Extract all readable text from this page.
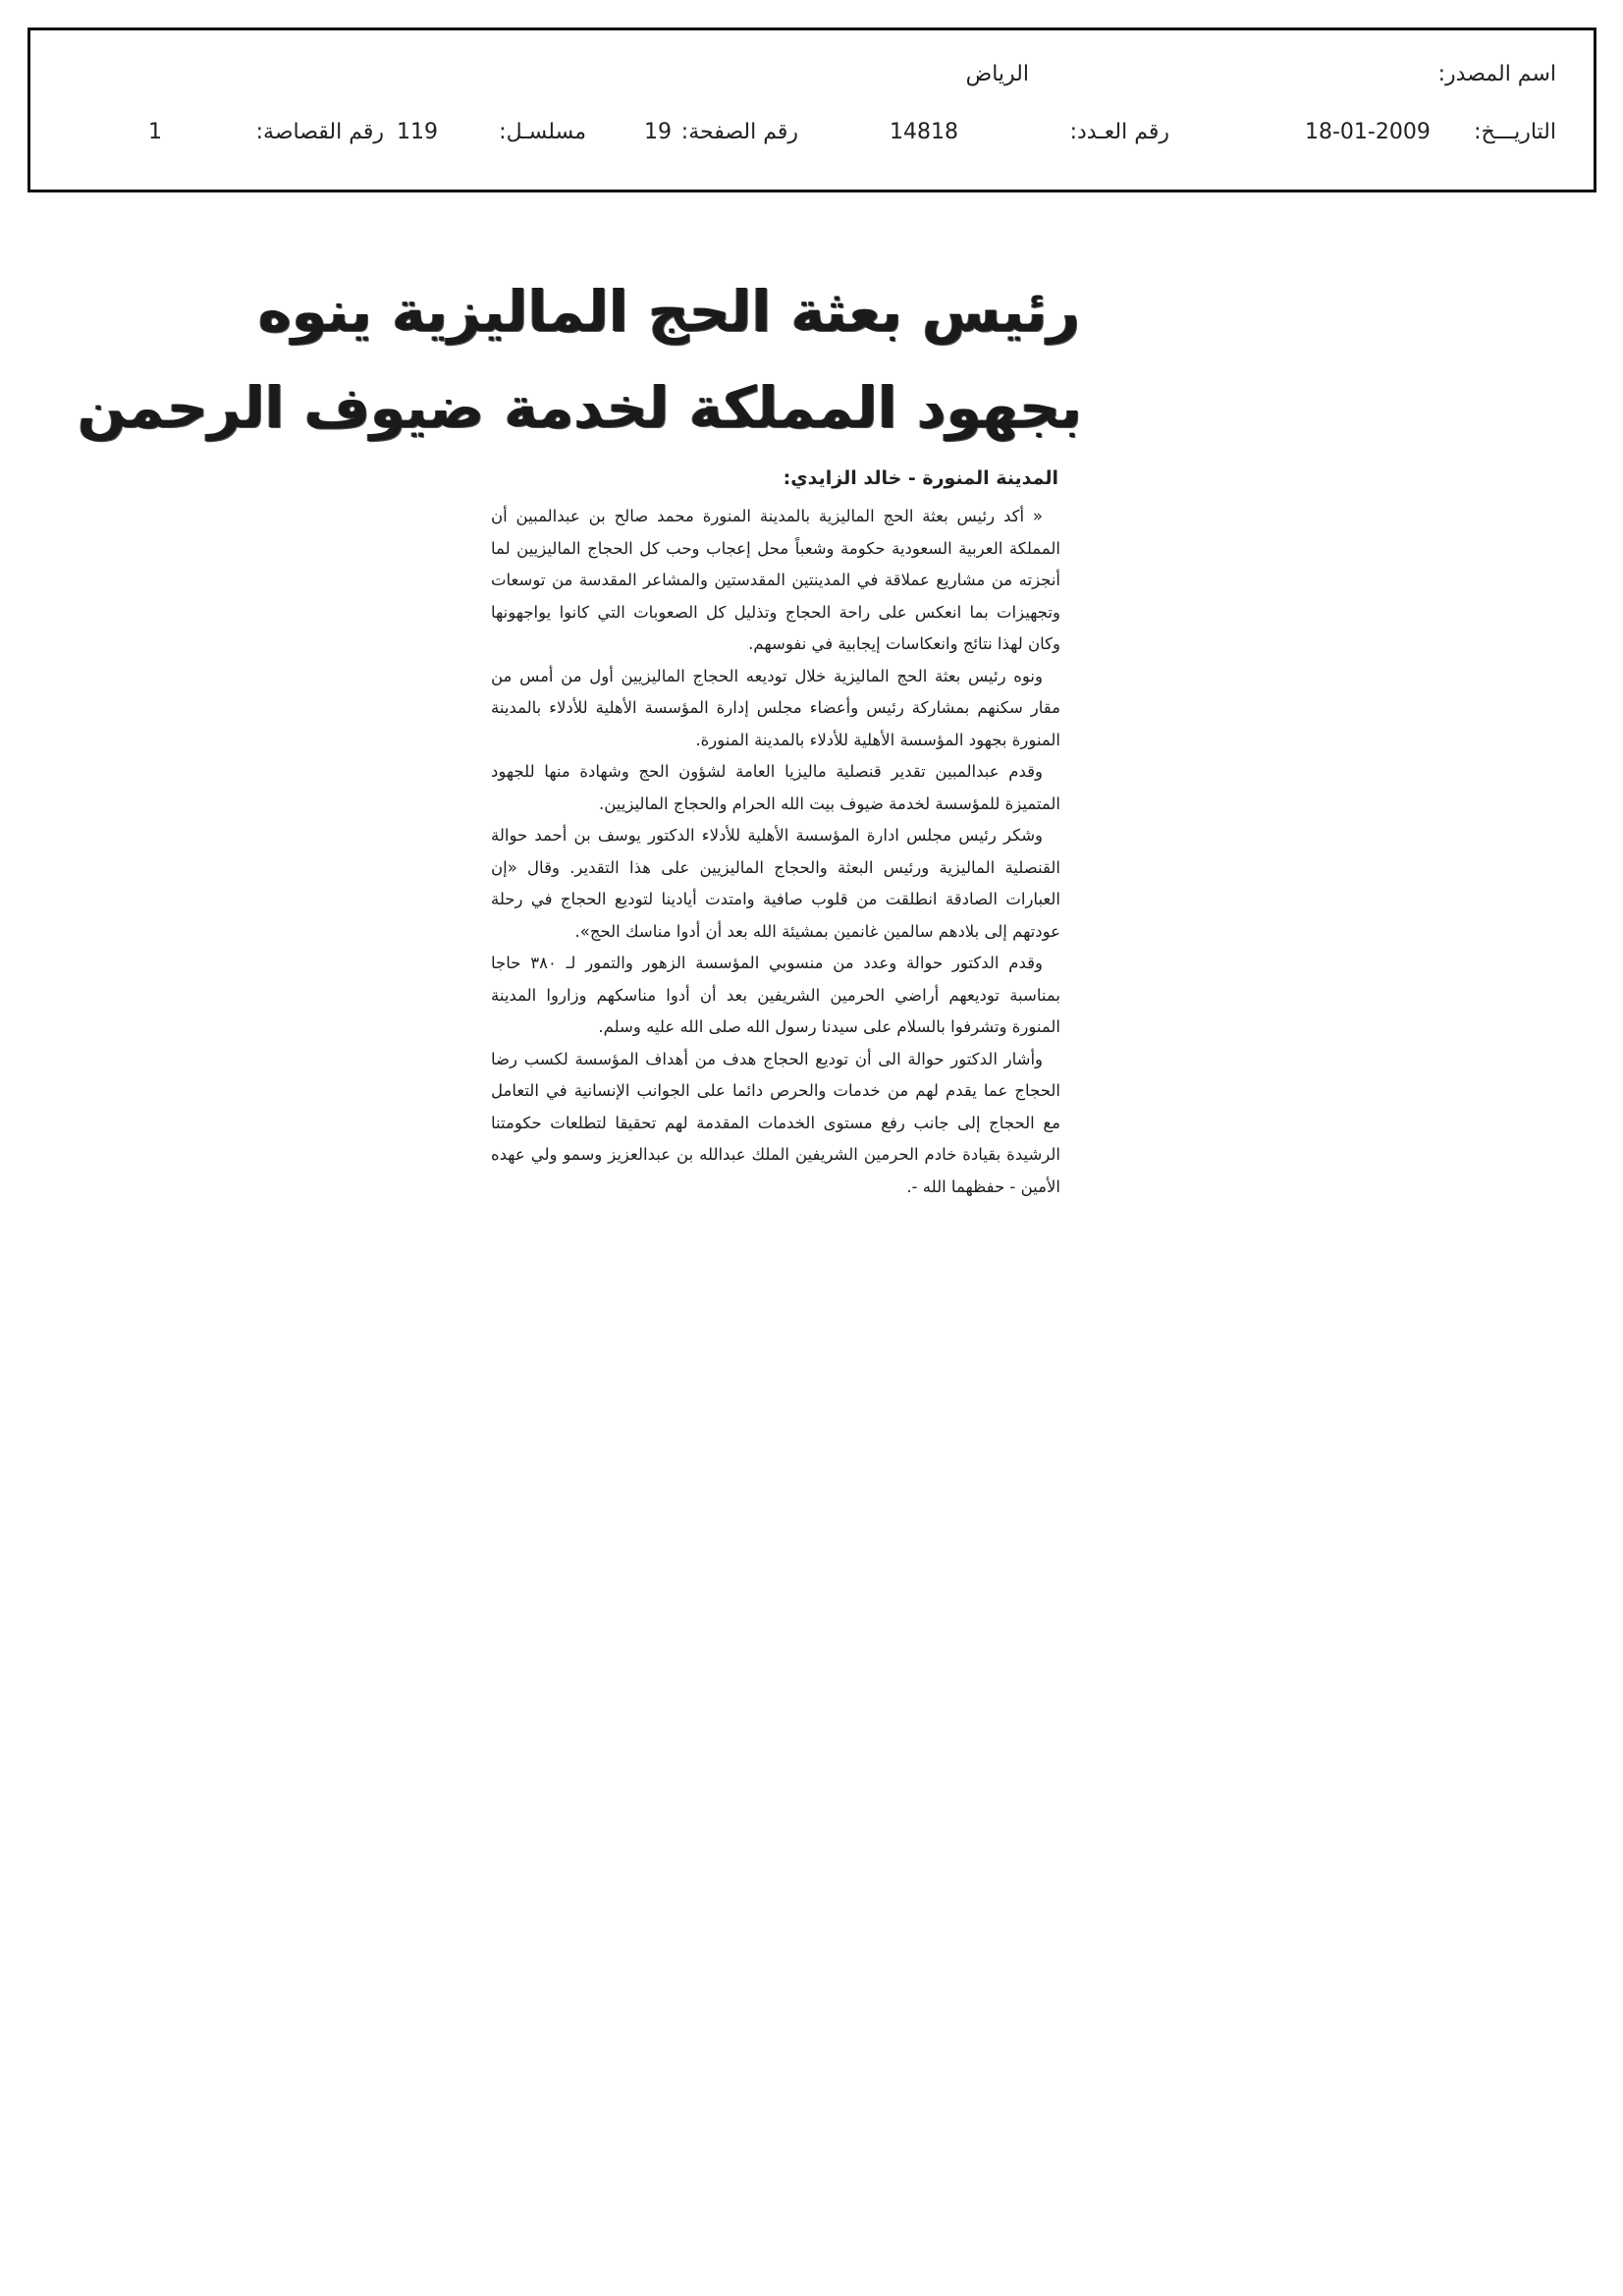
اسم المصدر:
الرياض
التاريـــخ:
18-01-2009
رقم العـدد:
14818
رقم الصفحة:
19
مسلسـل:
119
رقم القصاصة:
1
رئيس بعثة الحج الماليزية ينوه
بجهود المملكة لخدمة ضيوف الرحمن
المدينة المنورة - خالد الزايدي:

« أكد رئيس بعثة الحج الماليزية بالمدينة المنورة محمد صالح بن عبدالمبين أن المملكة العربية السعودية حكومة وشعباً محل إعجاب وحب كل الحجاج الماليزيين لما أنجزته من مشاريع عملاقة في المدينتين المقدستين والمشاعر المقدسة من توسعات وتجهيزات بما انعكس على راحة الحجاج وتذليل كل الصعوبات التي كانوا يواجهونها وكان لهذا نتائج وانعكاسات إيجابية في نفوسهم.

ونوه رئيس بعثة الحج الماليزية خلال توديعه الحجاج الماليزيين أول من أمس من مقار سكنهم بمشاركة رئيس وأعضاء مجلس إدارة المؤسسة الأهلية للأدلاء بالمدينة المنورة بجهود المؤسسة الأهلية للأدلاء بالمدينة المنورة.

وقدم عبدالمبين تقدير قنصلية ماليزيا العامة لشؤون الحج وشهادة منها للجهود المتميزة للمؤسسة لخدمة ضيوف بيت الله الحرام والحجاج الماليزيين.

وشكر رئيس مجلس ادارة المؤسسة الأهلية للأدلاء الدكتور يوسف بن أحمد حوالة القنصلية الماليزية ورئيس البعثة والحجاج الماليزيين على هذا التقدير. وقال «إن العبارات الصادقة انطلقت من قلوب صافية وامتدت أيادينا لتوديع الحجاج في رحلة عودتهم إلى بلادهم سالمين غانمين بمشيئة الله بعد أن أدوا مناسك الحج».

وقدم الدكتور حوالة وعدد من منسوبي المؤسسة الزهور والتمور لـ ٣٨٠ حاجا بمناسبة توديعهم أراضي الحرمين الشريفين بعد أن أدوا مناسكهم وزاروا المدينة المنورة وتشرفوا بالسلام على سيدنا رسول الله صلى الله عليه وسلم.

وأشار الدكتور حوالة الى أن توديع الحجاج هدف من أهداف المؤسسة لكسب رضا الحجاج عما يقدم لهم من خدمات والحرص دائما على الجوانب الإنسانية في التعامل مع الحجاج إلى جانب رفع مستوى الخدمات المقدمة لهم تحقيقا لتطلعات حكومتنا الرشيدة بقيادة خادم الحرمين الشريفين الملك عبدالله بن عبدالعزيز وسمو ولي عهده الأمين - حفظهما الله -.
